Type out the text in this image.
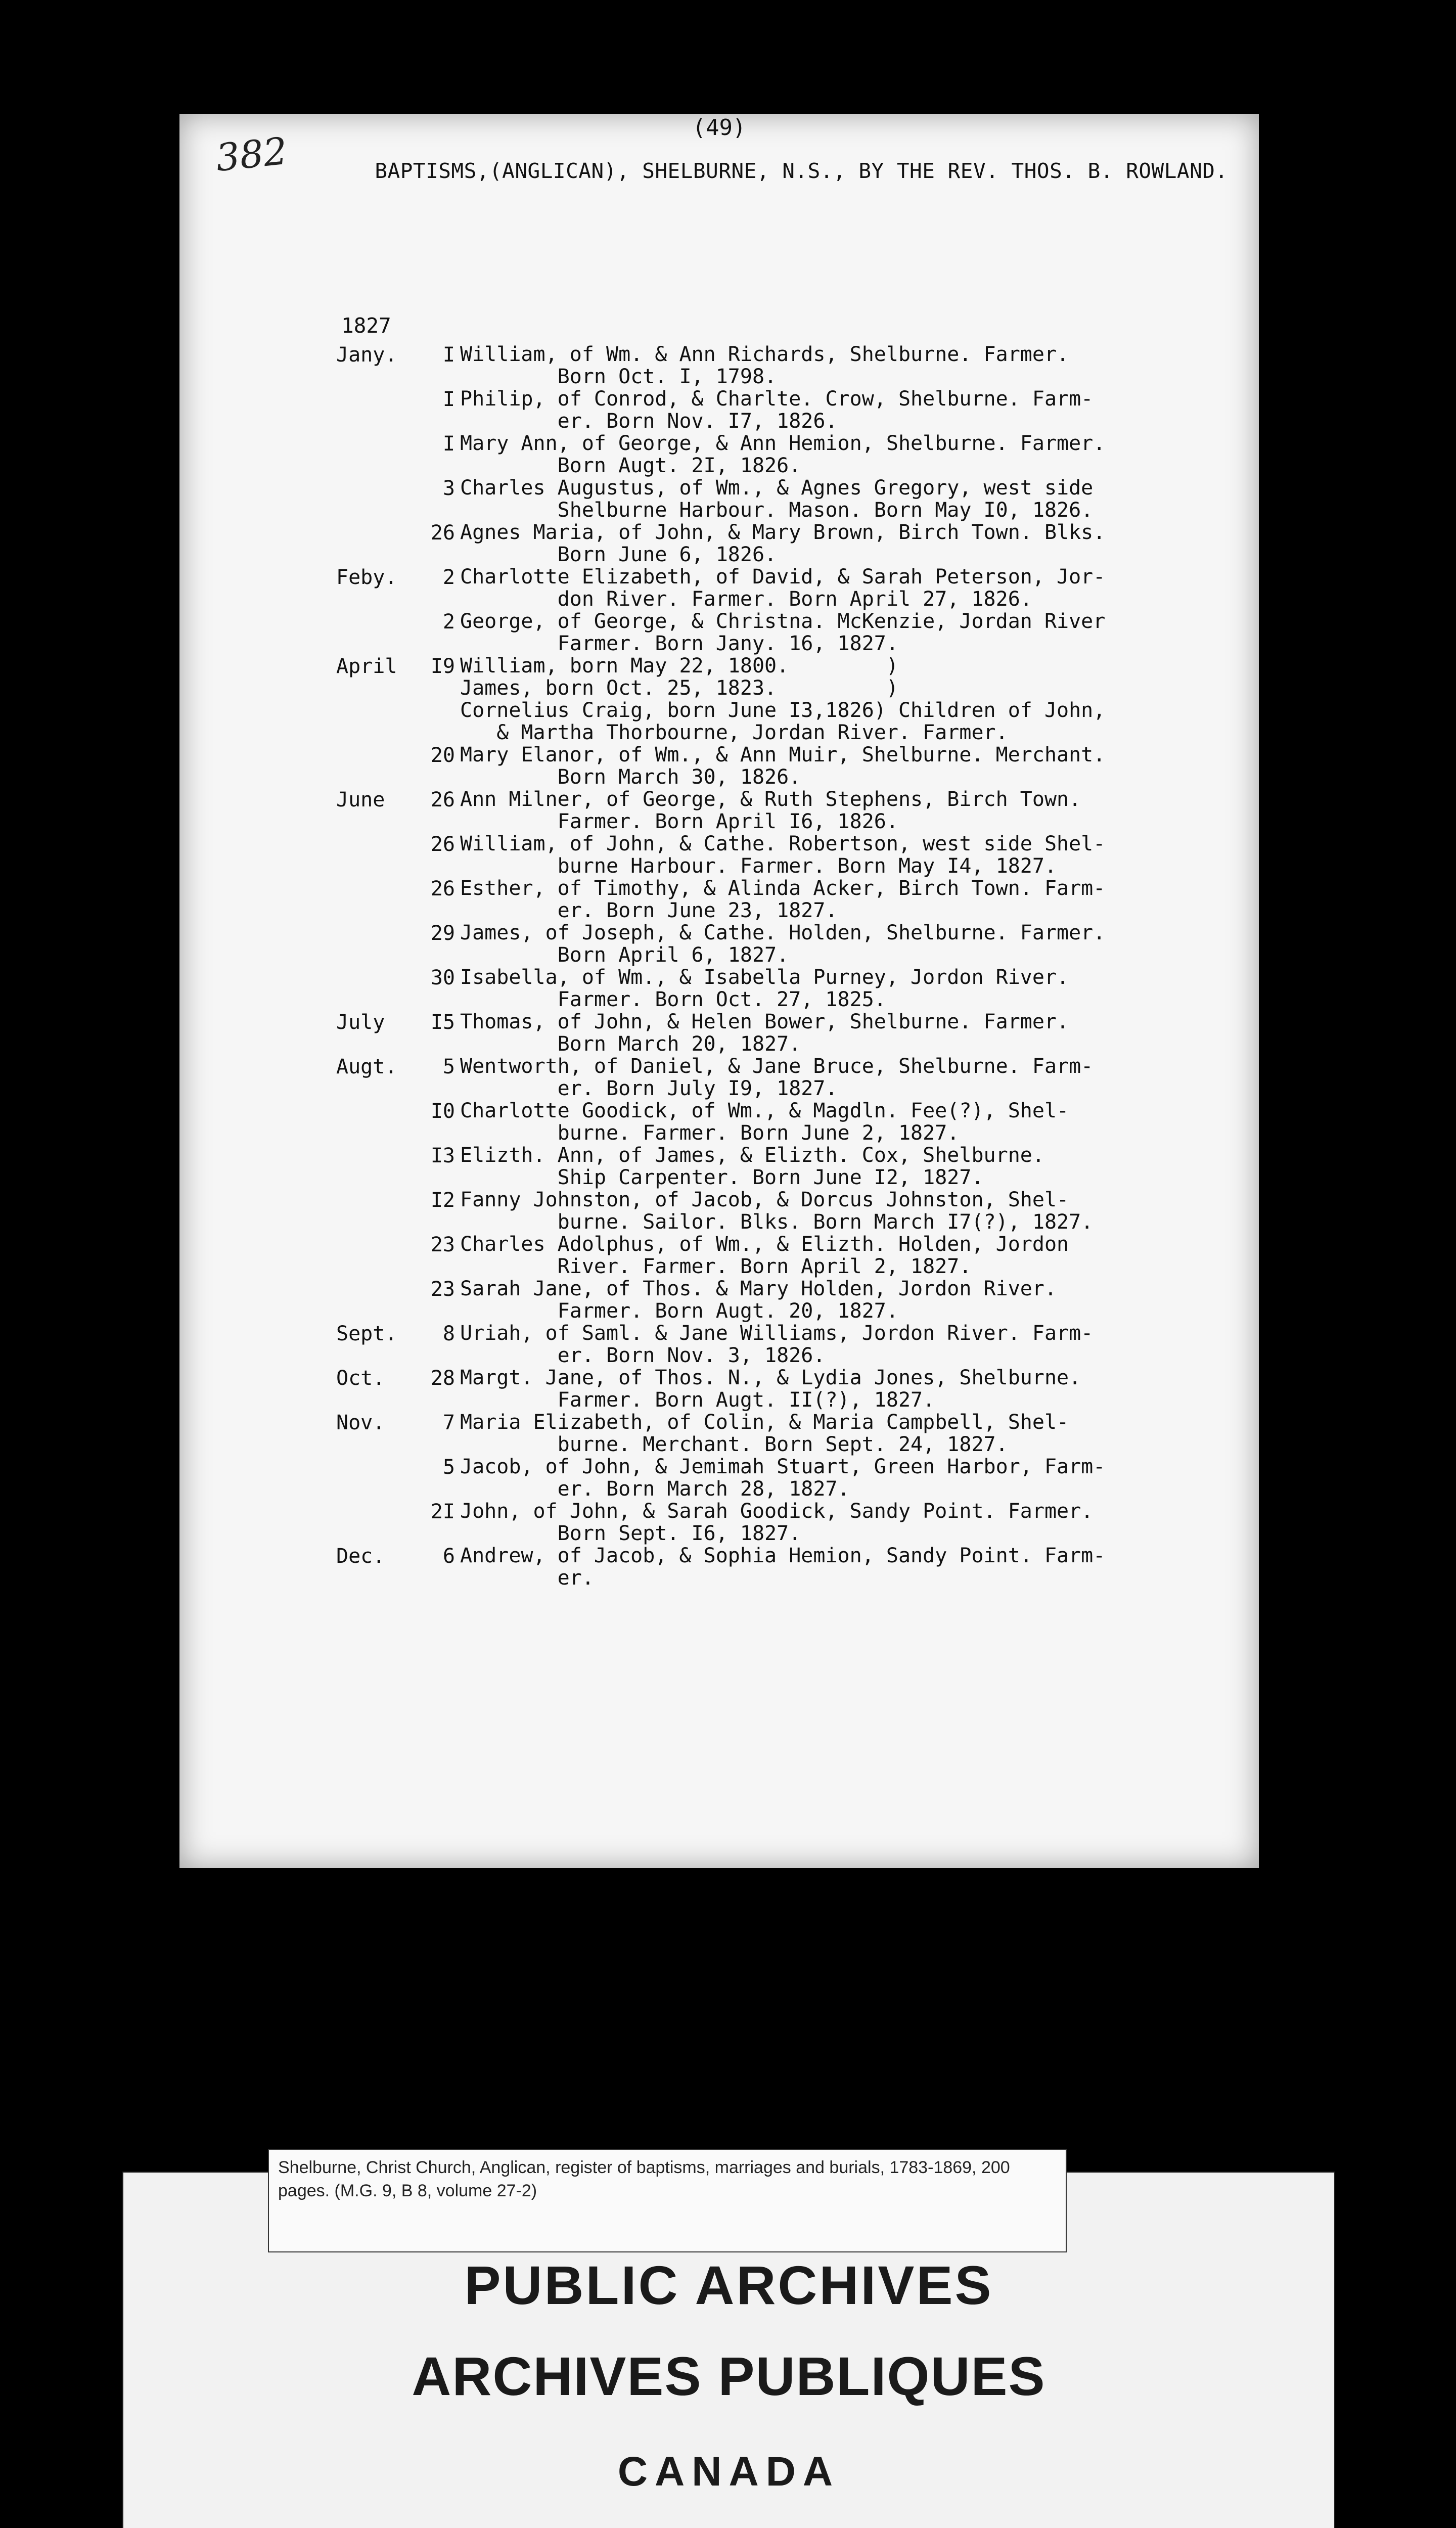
382
(49)
BAPTISMS,(ANGLICAN), SHELBURNE, N.S., BY THE REV. THOS. B. ROWLAND.
1827
Jany.	I William, of Wm. & Ann Richards, Shelburne. Farmer.
Born Oct. I, 1798.
I Philip, of Conrod, & Charlte. Crow, Shelburne. Farm-
er. Born Nov. I7, 1826.
I Mary Ann, of George, & Ann Hemion, Shelburne. Farmer.
Born Augt. 2I, 1826.
3 Charles Augustus, of Wm., & Agnes Gregory, west side
Shelburne Harbour. Mason. Born May I0, 1826.
26 Agnes Maria, of John, & Mary Brown, Birch Town. Blks.
Born June 6, 1826.
Feby.	2 Charlotte Elizabeth, of David, & Sarah Peterson, Jor-
don River. Farmer. Born April 27, 1826.
2 George, of George, & Christna. McKenzie, Jordan River
Farmer. Born Jany. 16, 1827.
April	I9 William, born May 22, 1800.        )
James, born Oct. 25, 1823.         )
Cornelius Craig, born June I3,1826) Children of John,
& Martha Thorbourne, Jordan River. Farmer.
20 Mary Elanor, of Wm., & Ann Muir, Shelburne. Merchant.
Born March 30, 1826.
June	26 Ann Milner, of George, & Ruth Stephens, Birch Town.
Farmer. Born April I6, 1826.
26 William, of John, & Cathe. Robertson, west side Shel-
burne Harbour. Farmer. Born May I4, 1827.
26 Esther, of Timothy, & Alinda Acker, Birch Town. Farm-
er. Born June 23, 1827.
29 James, of Joseph, & Cathe. Holden, Shelburne. Farmer.
Born April 6, 1827.
30 Isabella, of Wm., & Isabella Purney, Jordon River.
Farmer. Born Oct. 27, 1825.
July	I5 Thomas, of John, & Helen Bower, Shelburne. Farmer.
Born March 20, 1827.
Augt.	5 Wentworth, of Daniel, & Jane Bruce, Shelburne. Farm-
er. Born July I9, 1827.
I0 Charlotte Goodick, of Wm., & Magdln. Fee(?), Shel-
burne. Farmer. Born June 2, 1827.
I3 Elizth. Ann, of James, & Elizth. Cox, Shelburne.
Ship Carpenter. Born June I2, 1827.
I2 Fanny Johnston, of Jacob, & Dorcus Johnston, Shel-
burne. Sailor. Blks. Born March I7(?), 1827.
23 Charles Adolphus, of Wm., & Elizth. Holden, Jordon
River. Farmer. Born April 2, 1827.
23 Sarah Jane, of Thos. & Mary Holden, Jordon River.
Farmer. Born Augt. 20, 1827.
Sept.	8 Uriah, of Saml. & Jane Williams, Jordon River. Farm-
er. Born Nov. 3, 1826.
Oct.	28 Margt. Jane, of Thos. N., & Lydia Jones, Shelburne.
Farmer. Born Augt. II(?), 1827.
Nov.	7 Maria Elizabeth, of Colin, & Maria Campbell, Shel-
burne. Merchant. Born Sept. 24, 1827.
5 Jacob, of John, & Jemimah Stuart, Green Harbor, Farm-
er. Born March 28, 1827.
2I John, of John, & Sarah Goodick, Sandy Point. Farmer.
Born Sept. I6, 1827.
Dec.	6 Andrew, of Jacob, & Sophia Hemion, Sandy Point. Farm-
er.
PUBLIC ARCHIVES
ARCHIVES PUBLIQUES
CANADA
Shelburne, Christ Church, Anglican, register of baptisms, marriages and burials, 1783-1869, 200 pages. (M.G. 9, B 8, volume 27-2)
